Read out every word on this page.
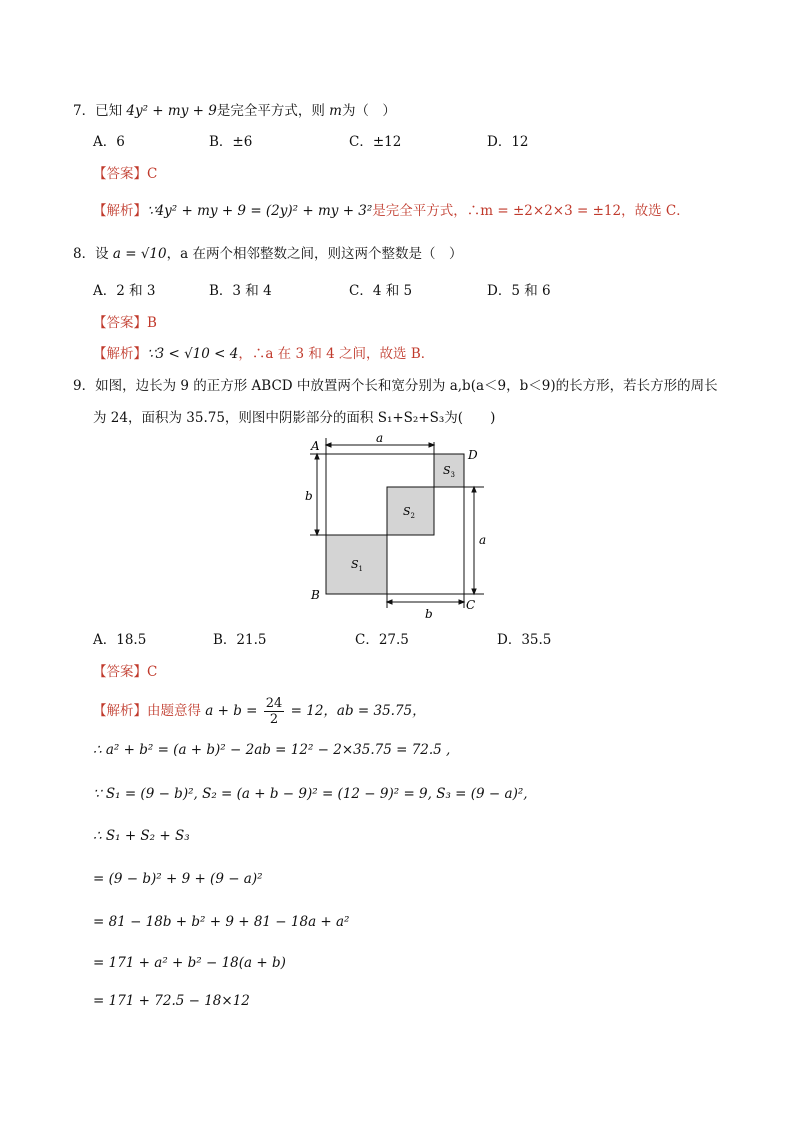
7．已知 4y² + my + 9是完全平方式，则 m为（　）
A．6	B．±6	C．±12	D．12
【答案】C
【解析】∵4y² + my + 9 = (2y)² + my + 3²是完全平方式，∴m = ±2×2×3 = ±12，故选 C．
8．设 a = √10，a 在两个相邻整数之间，则这两个整数是（　）
A．2 和 3	B．3 和 4	C．4 和 5	D．5 和 6
【答案】B
【解析】∵3 < √10 < 4，∴a 在 3 和 4 之间，故选 B．
9．如图，边长为 9 的正方形 ABCD 中放置两个长和宽分别为 a,b(a＜9，b＜9)的长方形，若长方形的周长
为 24，面积为 35.75，则图中阴影部分的面积 S₁+S₂+S₃为(　　)
A
B
C
D
a
b
a
b
$S_3$
$S_2$
$S_1$
A．18.5	B．21.5	C．27.5	D．35.5
【答案】C
【解析】由题意得 $a + b = \frac{24}{2} = 12$，ab = 35.75，
∴ a² + b² = (a + b)² − 2ab = 12² − 2×35.75 = 72.5 ,
∵ S₁ = (9 − b)², S₂ = (a + b − 9)² = (12 − 9)² = 9, S₃ = (9 − a)²,
∴ S₁ + S₂ + S₃
= (9 − b)² + 9 + (9 − a)²
= 81 − 18b + b² + 9 + 81 − 18a + a²
= 171 + a² + b² − 18(a + b)
= 171 + 72.5 − 18×12
